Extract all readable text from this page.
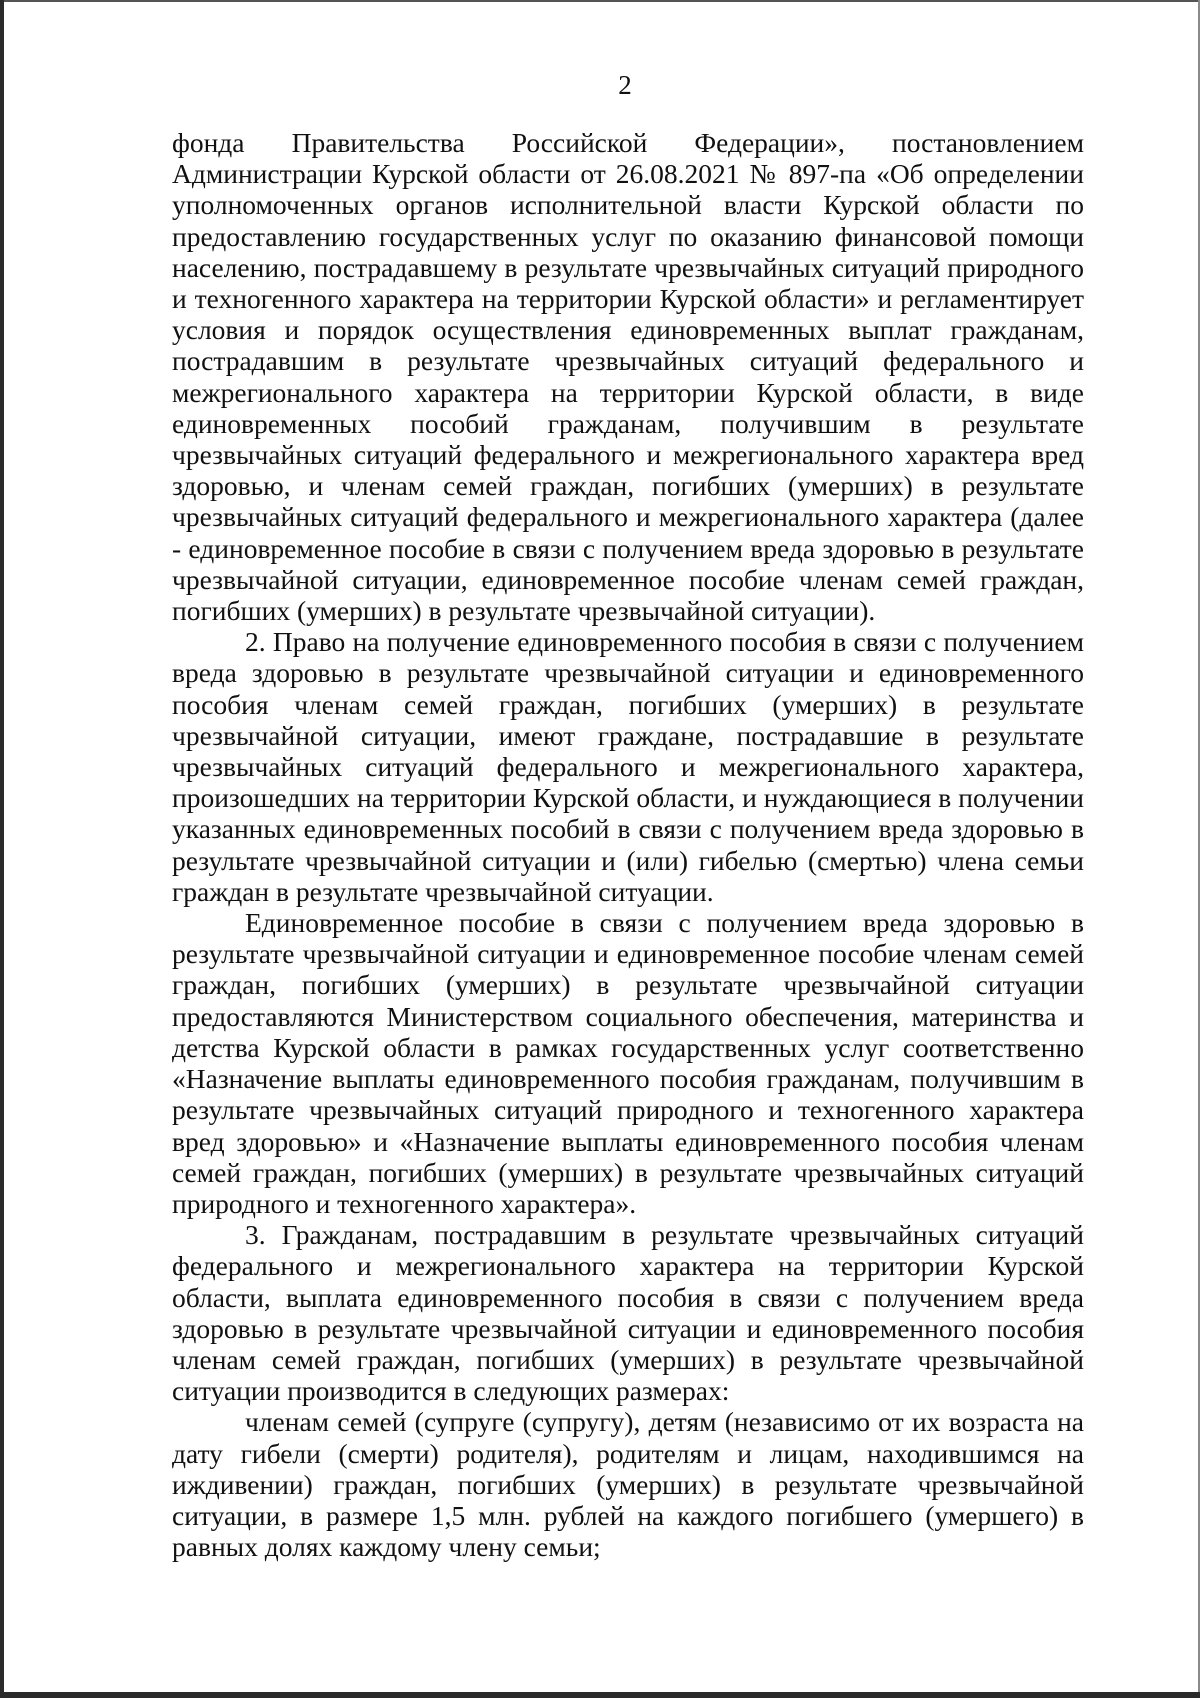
2

фонда Правительства Российской Федерации», постановлением Администрации Курской области от 26.08.2021 № 897-па «Об определении уполномоченных органов исполнительной власти Курской области по предоставлению государственных услуг по оказанию финансовой помощи населению, пострадавшему в результате чрезвычайных ситуаций природного и техногенного характера на территории Курской области» и регламентирует условия и порядок осуществления единовременных выплат гражданам, пострадавшим в результате чрезвычайных ситуаций федерального и межрегионального характера на территории Курской области, в виде единовременных пособий гражданам, получившим в результате чрезвычайных ситуаций федерального и межрегионального характера вред здоровью, и членам семей граждан, погибших (умерших) в результате чрезвычайных ситуаций федерального и межрегионального характера (далее - единовременное пособие в связи с получением вреда здоровью в результате чрезвычайной ситуации, единовременное пособие членам семей граждан, погибших (умерших) в результате чрезвычайной ситуации).

2. Право на получение единовременного пособия в связи с получением вреда здоровью в результате чрезвычайной ситуации и единовременного пособия членам семей граждан, погибших (умерших) в результате чрезвычайной ситуации, имеют граждане, пострадавшие в результате чрезвычайных ситуаций федерального и межрегионального характера, произошедших на территории Курской области, и нуждающиеся в получении указанных единовременных пособий в связи с получением вреда здоровью в результате чрезвычайной ситуации и (или) гибелью (смертью) члена семьи граждан в результате чрезвычайной ситуации.

Единовременное пособие в связи с получением вреда здоровью в результате чрезвычайной ситуации и единовременное пособие членам семей граждан, погибших (умерших) в результате чрезвычайной ситуации предоставляются Министерством социального обеспечения, материнства и детства Курской области в рамках государственных услуг соответственно «Назначение выплаты единовременного пособия гражданам, получившим в результате чрезвычайных ситуаций природного и техногенного характера вред здоровью» и «Назначение выплаты единовременного пособия членам семей граждан, погибших (умерших) в результате чрезвычайных ситуаций природного и техногенного характера».

3. Гражданам, пострадавшим в результате чрезвычайных ситуаций федерального и межрегионального характера на территории Курской области, выплата единовременного пособия в связи с получением вреда здоровью в результате чрезвычайной ситуации и единовременного пособия членам семей граждан, погибших (умерших) в результате чрезвычайной ситуации производится в следующих размерах:

членам семей (супруге (супругу), детям (независимо от их возраста на дату гибели (смерти) родителя), родителям и лицам, находившимся на иждивении) граждан, погибших (умерших) в результате чрезвычайной ситуации, в размере 1,5 млн. рублей на каждого погибшего (умершего) в равных долях каждому члену семьи;
